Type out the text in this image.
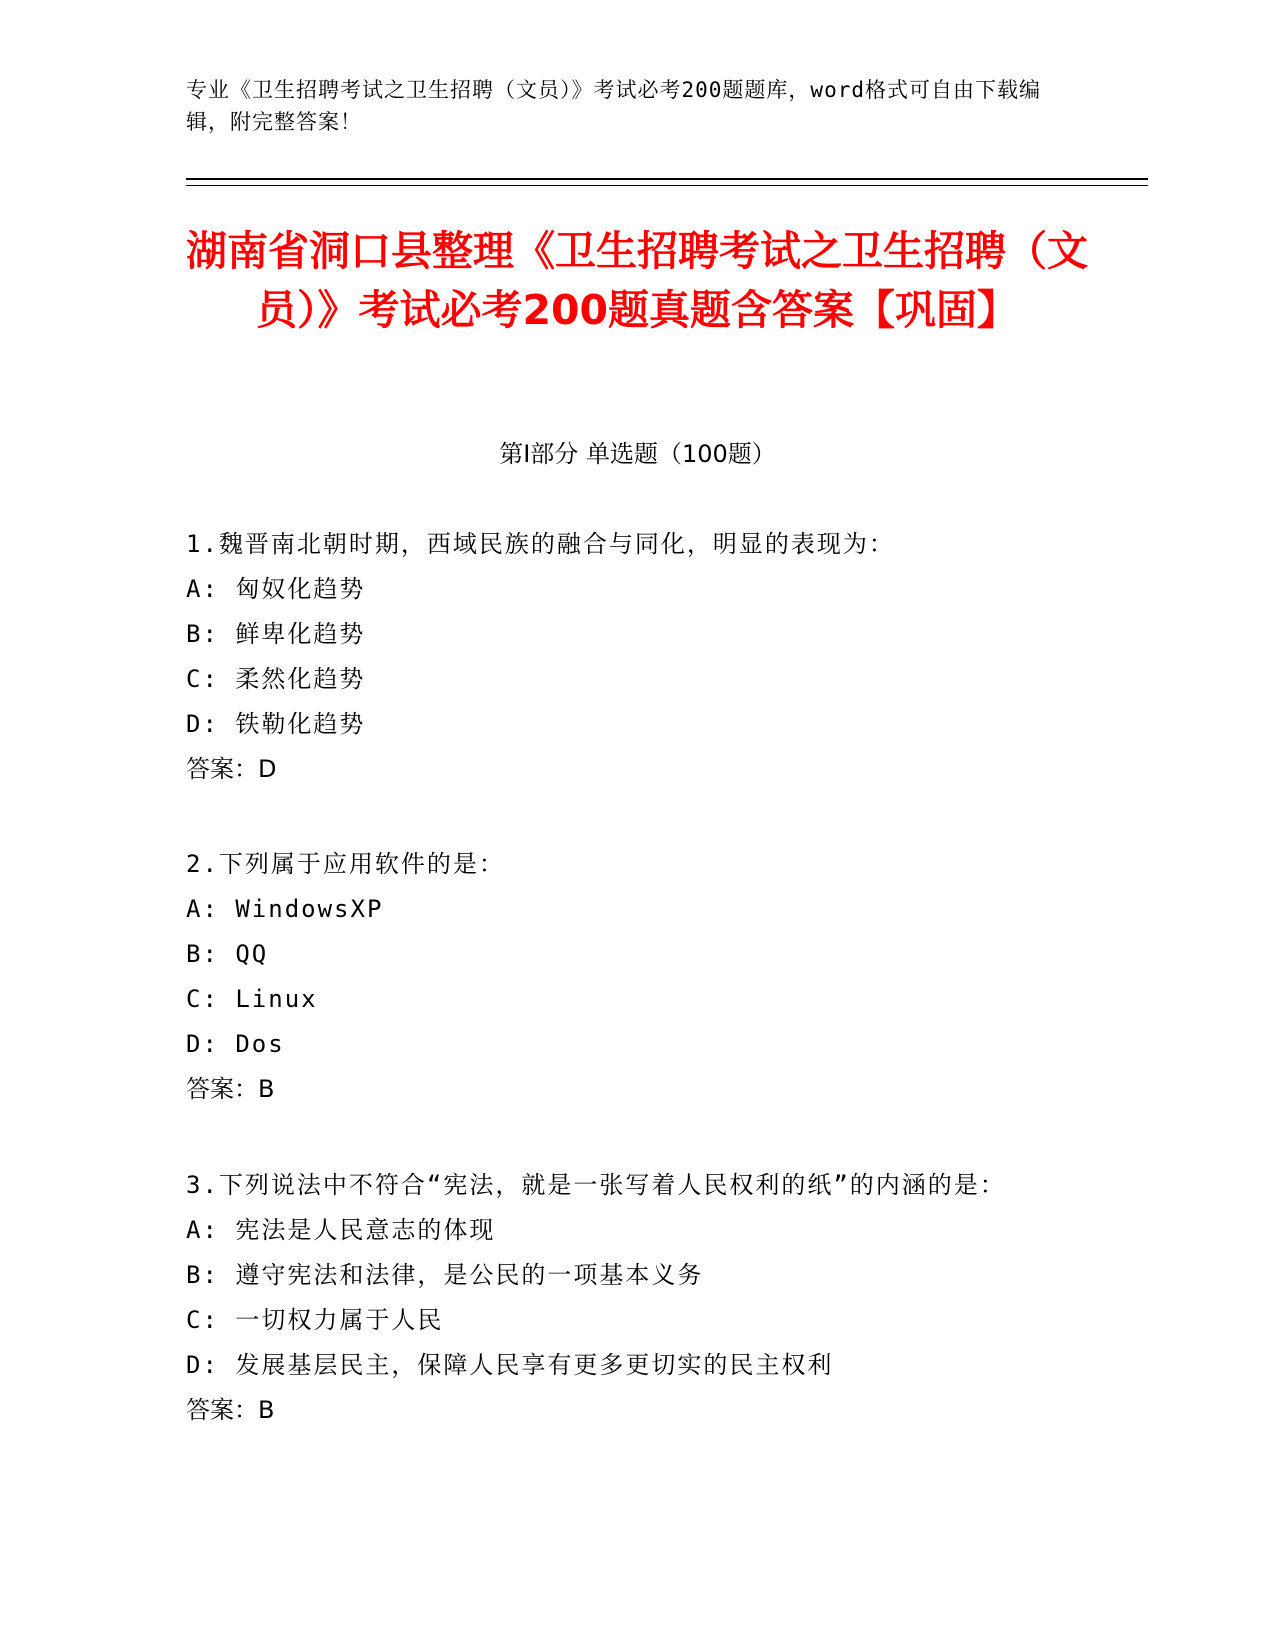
专业《卫生招聘考试之卫生招聘（文员）》考试必考200题题库，word格式可自由下载编辑，附完整答案！
湖南省洞口县整理《卫生招聘考试之卫生招聘（文员）》考试必考200题真题含答案【巩固】
第Ⅰ部分 单选题（100题）
1.魏晋南北朝时期，西域民族的融合与同化，明显的表现为：
A: 匈奴化趋势
B: 鲜卑化趋势
C: 柔然化趋势
D: 铁勒化趋势
答案：D
2.下列属于应用软件的是：
A: WindowsXP
B: QQ
C: Linux
D: Dos
答案：B
3.下列说法中不符合“宪法，就是一张写着人民权利的纸”的内涵的是：
A: 宪法是人民意志的体现
B: 遵守宪法和法律，是公民的一项基本义务
C: 一切权力属于人民
D: 发展基层民主，保障人民享有更多更切实的民主权利
答案：B
